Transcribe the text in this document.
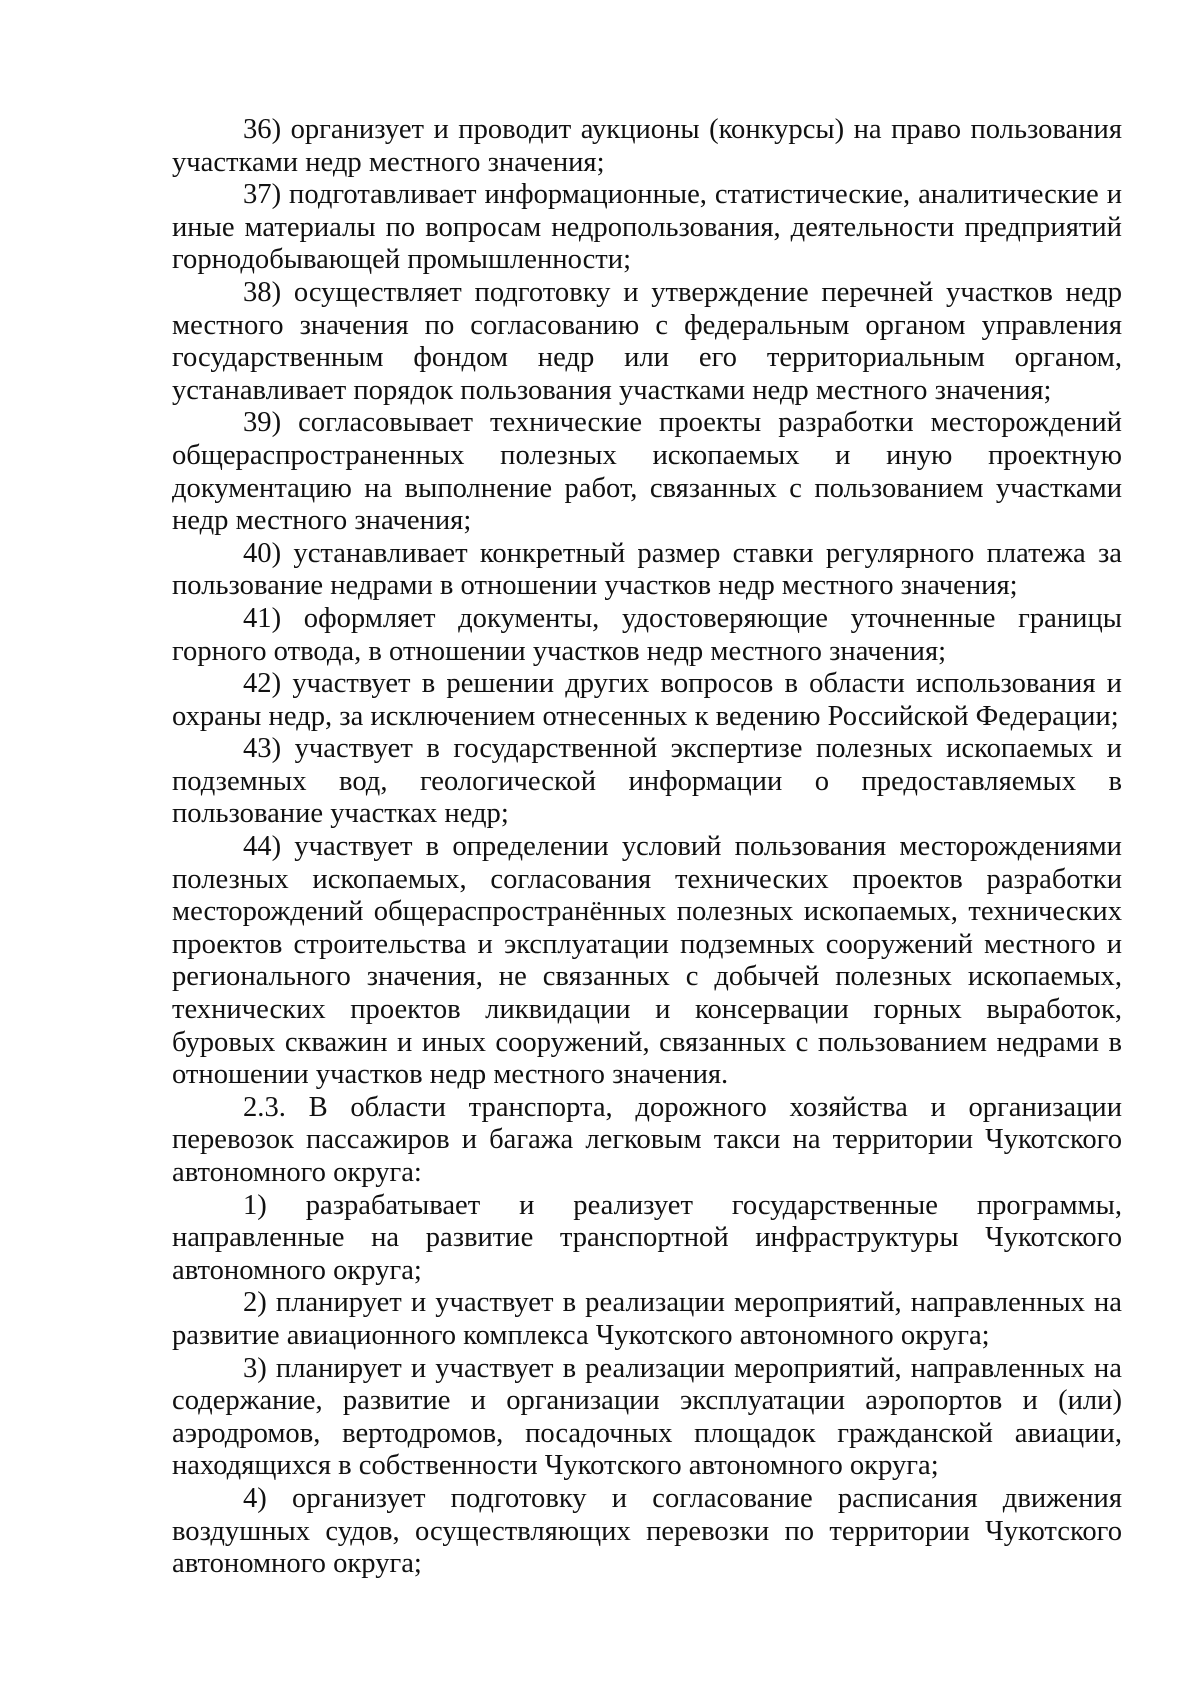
36) организует и проводит аукционы (конкурсы) на право пользования участками недр местного значения;

37) подготавливает информационные, статистические, аналитические и иные материалы по вопросам недропользования, деятельности предприятий горнодобывающей промышленности;

38) осуществляет подготовку и утверждение перечней участков недр местного значения по согласованию с федеральным органом управления государственным фондом недр или его территориальным органом, устанавливает порядок пользования участками недр местного значения;

39) согласовывает технические проекты разработки месторождений общераспространенных полезных ископаемых и иную проектную документацию на выполнение работ, связанных с пользованием участками недр местного значения;

40) устанавливает конкретный размер ставки регулярного платежа за пользование недрами в отношении участков недр местного значения;

41) оформляет документы, удостоверяющие уточненные границы горного отвода, в отношении участков недр местного значения;

42) участвует в решении других вопросов в области использования и охраны недр, за исключением отнесенных к ведению Российской Федерации;

43) участвует в государственной экспертизе полезных ископаемых и подземных вод, геологической информации о предоставляемых в пользование участках недр;

44) участвует в определении условий пользования месторождениями полезных ископаемых, согласования технических проектов разработки месторождений общераспространённых полезных ископаемых, технических проектов строительства и эксплуатации подземных сооружений местного и регионального значения, не связанных с добычей полезных ископаемых, технических проектов ликвидации и консервации горных выработок, буровых скважин и иных сооружений, связанных с пользованием недрами в отношении участков недр местного значения.

2.3. В области транспорта, дорожного хозяйства и организации перевозок пассажиров и багажа легковым такси на территории Чукотского автономного округа:

1) разрабатывает и реализует государственные программы, направленные на развитие транспортной инфраструктуры Чукотского автономного округа;

2) планирует и участвует в реализации мероприятий, направленных на развитие авиационного комплекса Чукотского автономного округа;

3) планирует и участвует в реализации мероприятий, направленных на содержание, развитие и организации эксплуатации аэропортов и (или) аэродромов, вертодромов, посадочных площадок гражданской авиации, находящихся в собственности Чукотского автономного округа;

4) организует подготовку и согласование расписания движения воздушных судов, осуществляющих перевозки по территории Чукотского автономного округа;
